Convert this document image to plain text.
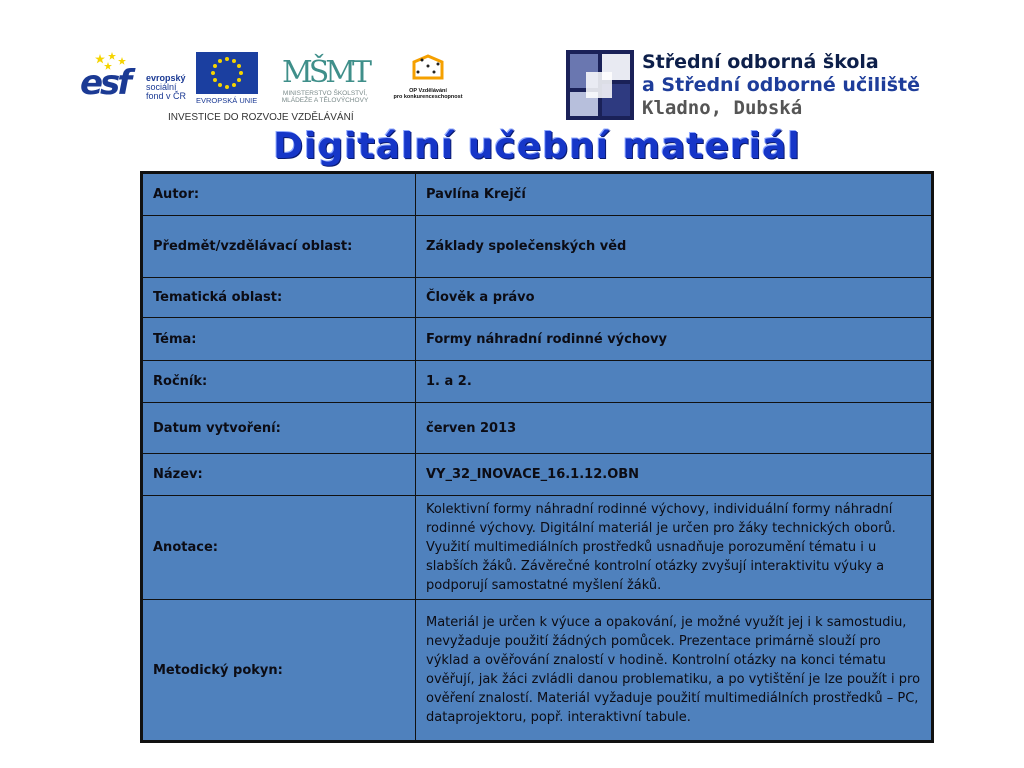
esf evropský
sociální
fond v ČR EVROPSKÁ UNIE
MŠMT
MINISTERSTVO ŠKOLSTVÍ,
MLÁDEŽE A TĚLOVÝCHOVY
OP Vzdělávání
pro konkurenceschopnost
INVESTICE DO ROZVOJE VZDĚLÁVÁNÍ
Střední odborná škola
a Střední odborné učiliště
Kladno, Dubská
Digitální učební materiál
Autor:	Pavlína Krejčí
Předmět/vzdělávací oblast:	Základy společenských věd
Tematická oblast:	Člověk a právo
Téma:	Formy náhradní rodinné výchovy
Ročník:	1. a 2.
Datum vytvoření:	červen 2013
Název:	VY_32_INOVACE_16.1.12.OBN
Anotace:	Kolektivní formy náhradní rodinné výchovy, individuální formy náhradní rodinné výchovy. Digitální materiál je určen pro žáky technických oborů. Využití multimediálních prostředků usnadňuje porozumění tématu i u slabších žáků. Závěrečné kontrolní otázky zvyšují interaktivitu výuky a podporují samostatné myšlení žáků.
Metodický pokyn:	Materiál je určen k výuce a opakování, je možné využít jej i k samostudiu, nevyžaduje použití žádných pomůcek. Prezentace primárně slouží pro výklad a ověřování znalostí v hodině. Kontrolní otázky na konci tématu ověřují, jak žáci zvládli danou problematiku, a po vytištění je lze použít i pro ověření znalostí. Materiál vyžaduje použití multimediálních prostředků – PC, dataprojektoru, popř. interaktivní tabule.
